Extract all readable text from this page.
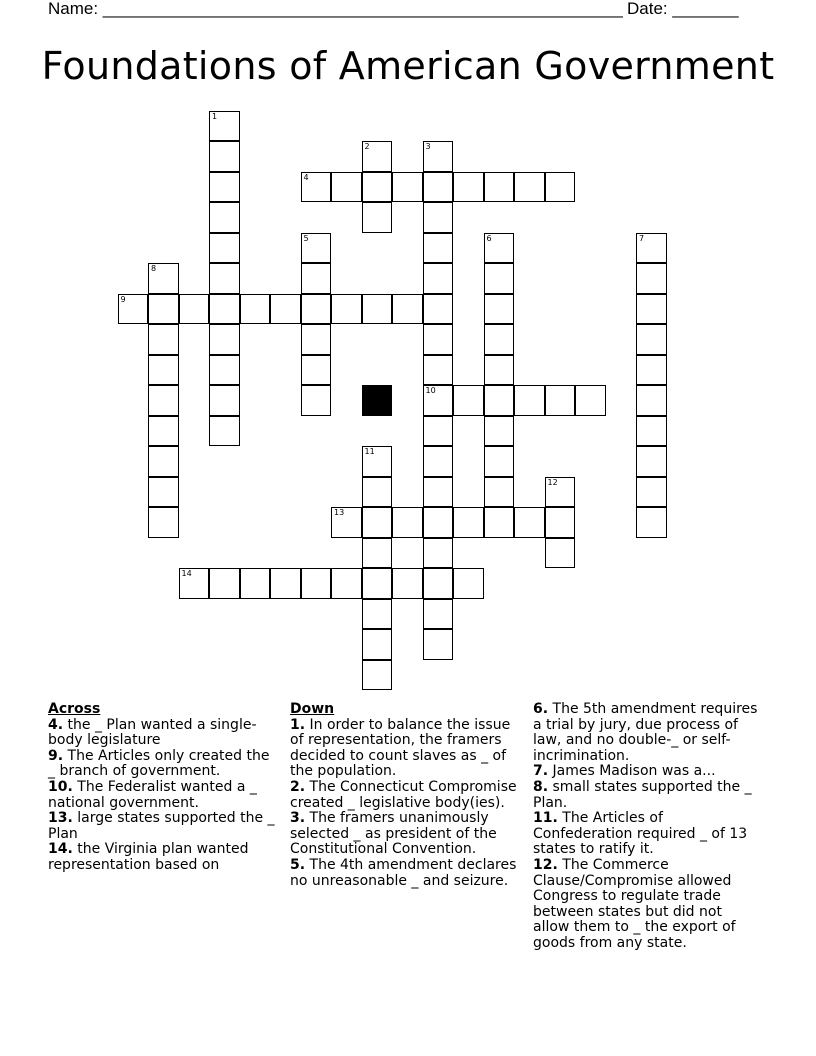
Name: _______________________________________________________ Date: _______
Foundations of American Government
1
2	3
10
4
5	6	7
8
9
11
12
13
14
Across
4. the _ Plan wanted a single-body legislature
9. The Articles only created the _ branch of government.
10. The Federalist wanted a _ national government.
13. large states supported the _ Plan
14. the Virginia plan wanted representation based on
Down
1. In order to balance the issue of representation, the framers decided to count slaves as _ of the population.
2. The Connecticut Compromise created _ legislative body(ies).
3. The framers unanimously selected _ as president of the Constitutional Convention.
5. The 4th amendment declares no unreasonable _ and seizure.
6. The 5th amendment requires a trial by jury, due process of law, and no double-_ or self-incrimination.
7. James Madison was a...
8. small states supported the _ Plan.
11. The Articles of Confederation required _ of 13 states to ratify it.
12. The Commerce Clause/Compromise allowed Congress to regulate trade between states but did not allow them to _ the export of goods from any state.
